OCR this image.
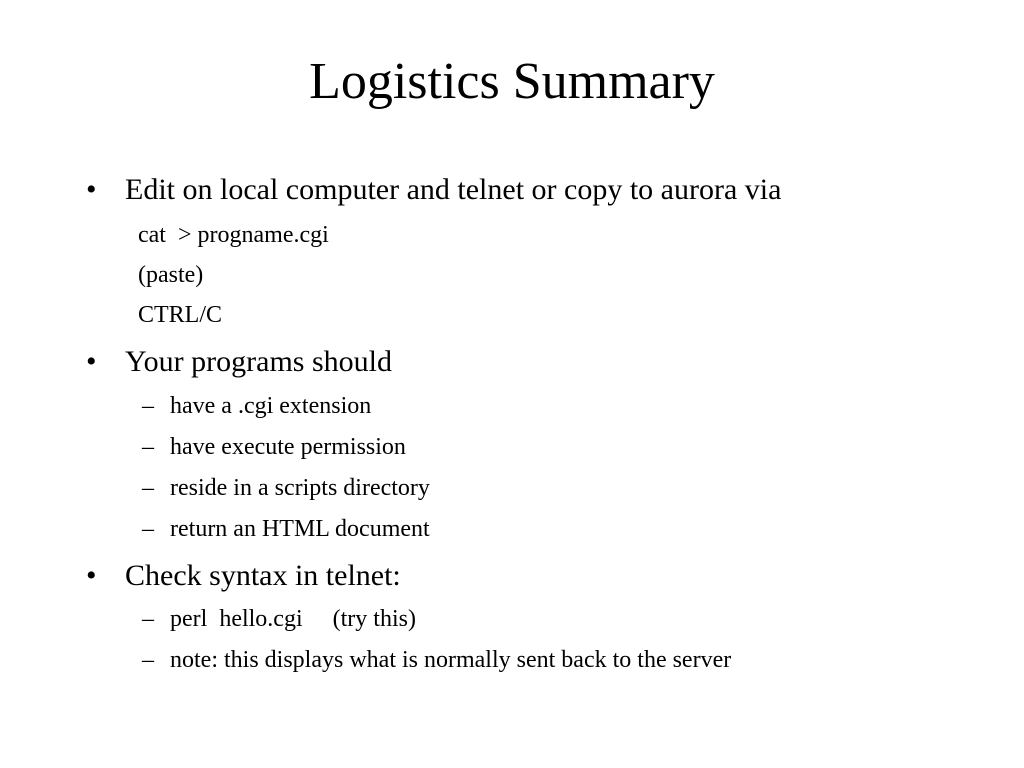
Logistics Summary
• Edit on local computer and telnet or copy to aurora via
cat  > progname.cgi
(paste)
CTRL/C
• Your programs should
– have a .cgi extension
– have execute permission
– reside in a scripts directory
– return an HTML document
• Check syntax in telnet:
– perl  hello.cgi     (try this)
– note: this displays what is normally sent back to the server
